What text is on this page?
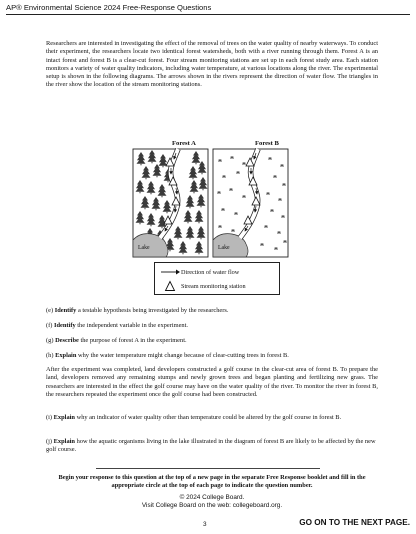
AP® Environmental Science 2024 Free-Response Questions
Researchers are interested in investigating the effect of the removal of trees on the water quality of nearby waterways. To conduct their experiment, the researchers locate two identical forest watersheds, both with a river running through them. Forest A is an intact forest and forest B is a clear-cut forest. Four stream monitoring stations are set up in each forest study area. Each station monitors a variety of water quality indicators, including water temperature, at various locations along the river. The experimental setup is shown in the following diagrams. The arrows shown in the rivers represent the direction of water flow. The triangles in the river show the location of the stream monitoring stations.
Forest A	Forest B
Lake	Lake
Direction of water flow
Stream monitoring station
(e) Identify a testable hypothesis being investigated by the researchers.
(f) Identify the independent variable in the experiment.
(g) Describe the purpose of forest A in the experiment.
(h) Explain why the water temperature might change because of clear-cutting trees in forest B.
After the experiment was completed, land developers constructed a golf course in the clear-cut area of forest B. To prepare the land, developers removed any remaining stumps and newly grown trees and began planting and fertilizing new grass. The researchers are interested in the effect the golf course may have on the water quality of the river. To monitor the river in forest B, the researchers repeated the experiment once the golf course had been constructed.
(i) Explain why an indicator of water quality other than temperature could be altered by the golf course in forest B.
(j) Explain how the aquatic organisms living in the lake illustrated in the diagram of forest B are likely to be affected by the new golf course.
Begin your response to this question at the top of a new page in the separate Free Response booklet and fill in the appropriate circle at the top of each page to indicate the question number.
© 2024 College Board.
Visit College Board on the web: collegeboard.org.
3	GO ON TO THE NEXT PAGE.
